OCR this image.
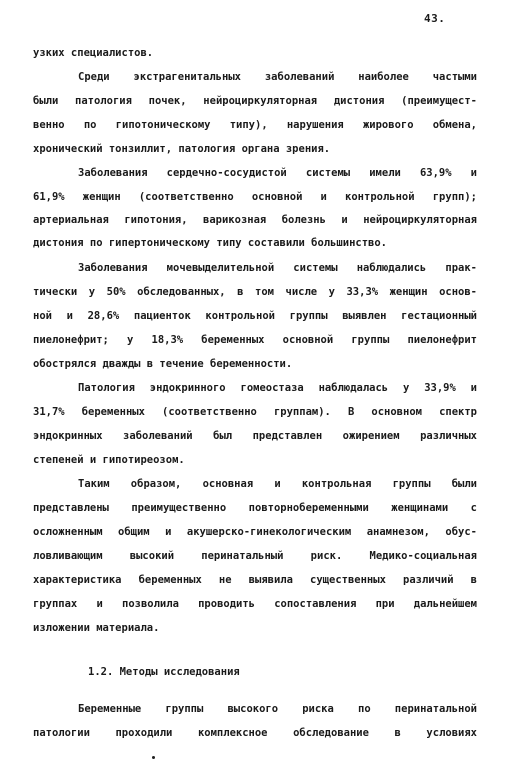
43.
узких специалистов.
Среди экстрагенитальных заболеваний наиболее частыми
были патология почек, нейроциркуляторная дистония (преимущест-
венно по гипотоническому типу), нарушения жирового обмена,
хронический тонзиллит, патология органа зрения.
Заболевания сердечно-сосудистой системы имели 63,9% и
61,9% женщин (соответственно основной и контрольной групп);
артериальная гипотония, варикозная болезнь и нейроциркуляторная
дистония по гипертоническому типу составили большинство.
Заболевания мочевыделительной системы наблюдались прак-
тически у 50% обследованных, в том числе у 33,3% женщин основ-
ной и 28,6% пациенток контрольной группы выявлен гестационный
пиелонефрит; у 18,3% беременных основной группы пиелонефрит
обострялся дважды в течение беременности.
Патология эндокринного гомеостаза наблюдалась у 33,9% и
31,7% беременных (соответственно группам). В основном спектр
эндокринных заболеваний был представлен ожирением различных
степеней и гипотиреозом.
Таким образом, основная и контрольная группы были
представлены преимущественно повторнобеременными женщинами с
осложненным общим и акушерско-гинекологическим анамнезом, обус-
ловливающим высокий перинатальный риск. Медико-социальная
характеристика беременных не выявила существенных различий в
группах и позволила проводить сопоставления при дальнейшем
изложении материала.
1.2. Методы исследования
Беременные группы высокого риска по перинатальной
патологии проходили комплексное обследование в условиях
